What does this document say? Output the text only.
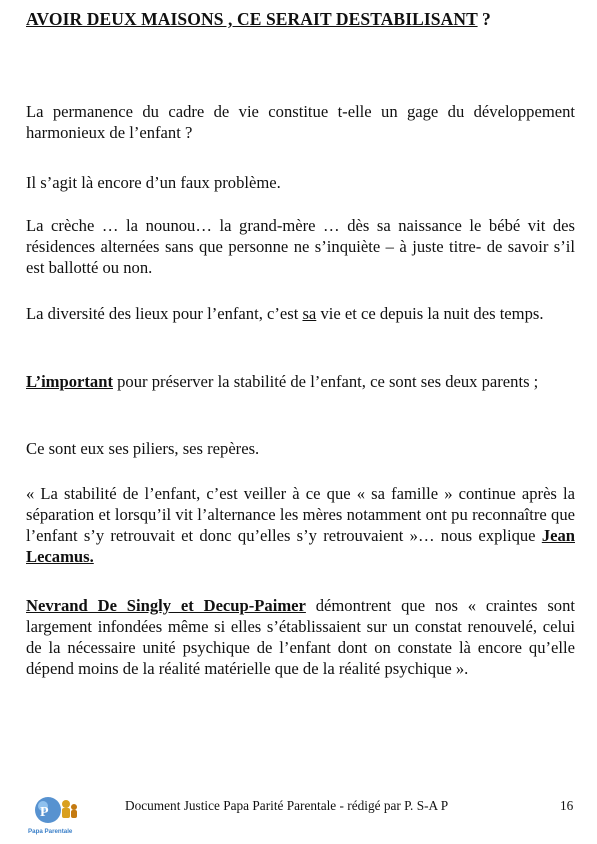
AVOIR DEUX MAISONS , CE SERAIT DESTABILISANT ?

La permanence du cadre de vie constitue t-elle un gage du développement harmonieux de l’enfant ?

Il s’agit là encore d’un faux problème.

La crèche … la nounou… la grand-mère … dès sa naissance le bébé vit des résidences alternées sans que personne ne s’inquiète – à juste titre- de savoir s’il est ballotté ou non.

La diversité des lieux pour l’enfant, c’est sa vie et ce depuis la nuit des temps.

L’important pour préserver la stabilité de l’enfant, ce sont ses deux parents ;

Ce sont eux ses piliers, ses repères.

« La stabilité de l’enfant, c’est veiller à ce que « sa famille » continue après la séparation et lorsqu’il vit l’alternance les mères notamment ont pu reconnaître que l’enfant s’y retrouvait et donc qu’elles s’y retrouvaient »… nous explique Jean Lecamus.

Nevrand De Singly et Decup-Paimer démontrent que nos « craintes sont largement infondées même si elles s’établissaient sur un constat renouvelé, celui de la nécessaire unité psychique de l’enfant dont on constate là encore qu’elle dépend moins de la réalité matérielle que de la réalité psychique ».

P
Papa Parentale
Document Justice Papa Parité Parentale - rédigé par P. S-A P	16
